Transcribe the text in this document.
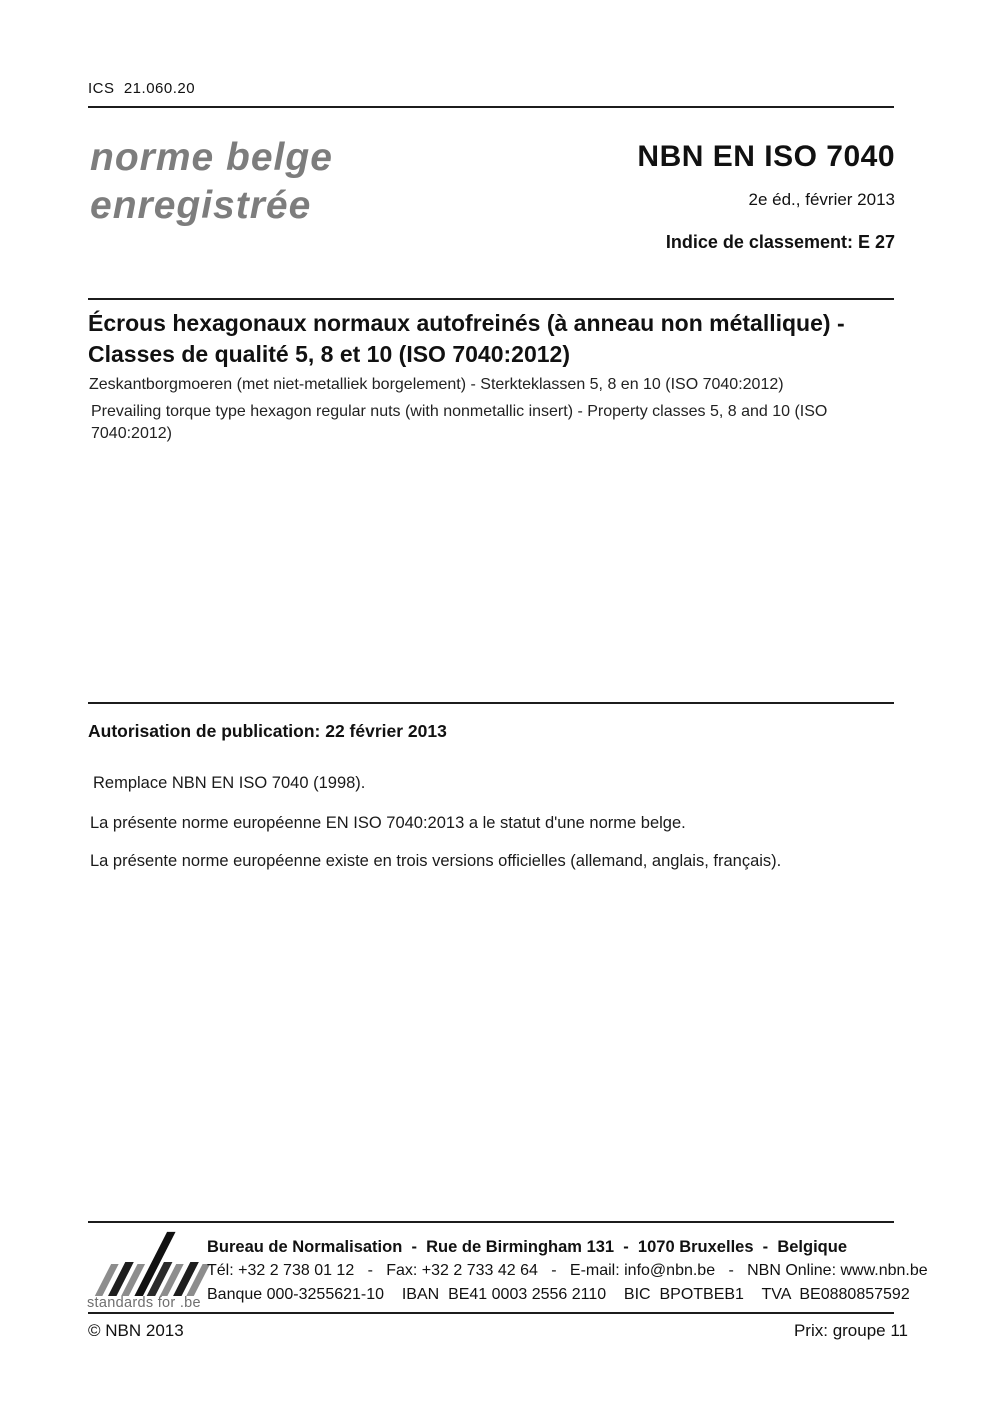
ICS  21.060.20
norme belge
enregistrée
NBN EN ISO 7040
2e éd., février 2013
Indice de classement: E 27
Écrous hexagonaux normaux autofreinés (à anneau non métallique) -
Classes de qualité 5, 8 et 10 (ISO 7040:2012)
Zeskantborgmoeren (met niet-metalliek borgelement) - Sterkteklassen 5, 8 en 10 (ISO 7040:2012)
Prevailing torque type hexagon regular nuts (with nonmetallic insert) - Property classes 5, 8 and 10 (ISO 7040:2012)
Autorisation de publication: 22 février 2013
Remplace NBN EN ISO 7040 (1998).
La présente norme européenne EN ISO 7040:2013 a le statut d'une norme belge.
La présente norme européenne existe en trois versions officielles (allemand, anglais, français).
standards for .be
Bureau de Normalisation  -  Rue de Birmingham 131  -  1070 Bruxelles  -  Belgique
Tél: +32 2 738 01 12   -   Fax: +32 2 733 42 64   -   E-mail: info@nbn.be   -   NBN Online: www.nbn.be
Banque 000-3255621-10    IBAN  BE41 0003 2556 2110    BIC  BPOTBEB1    TVA  BE0880857592
© NBN 2013	Prix: groupe 11
